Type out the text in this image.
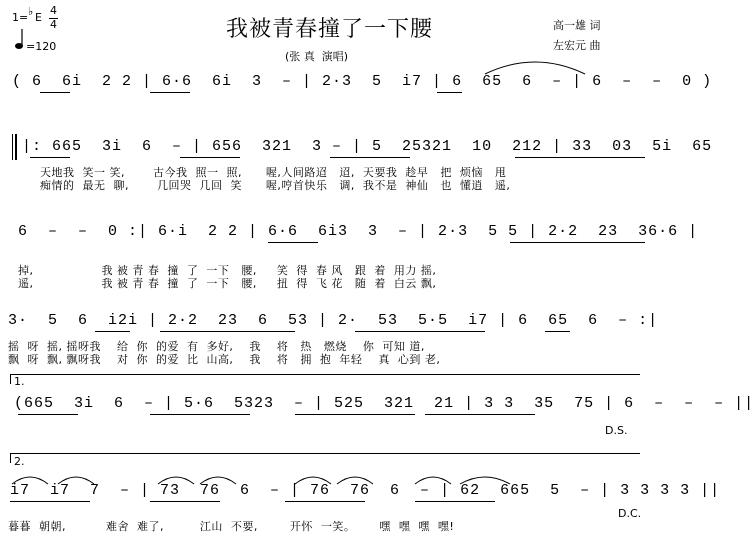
我被青春撞了一下腰
(张 真  演唱)
高一雄 词
左宏元 曲
1= ♭ E
4
4
=120
( 6  6i  2 2 | 6·6  6i  3  – | 2·3  5  i7 | 6  65  6  – | 6  –  –  0 )
|: 665  3i  6  – | 656  321  3 – | 5  25321  10  212 | 33  03  5i  65
天地我  笑一 笑,       古今我  照一  照,      喔,人间路迢   迢,  天要我  趁早   把  烦恼   甩
痴情的  最无  聊,       几回哭  几回  笑      喔,哼首快乐   调,  我不是  神仙   也  懂逍   遥,
6  –  –  0 :| 6·i  2 2 | 6·6  6i3  3  – | 2·3  5 5 | 2·2  23  36·6 |
掉,                 我 被 青 春  撞  了  一下   腰,     笑  得  春 风   跟  着  用力 摇,
遥,                 我 被 青 春  撞  了  一下   腰,     扭  得  飞 花   随  着  白云 飘,
3·  5  6  i2i | 2·2  23  6  53 | 2·  53  5·5  i7 | 6  65  6  – :|
摇  呀  摇, 摇呀我    给  你  的爱  有  多好,    我    将   热   燃烧    你  可知 道,
飘  呀  飘, 飘呀我    对  你  的爱  比  山高,    我    将   拥  抱  年轻    真  心到 老,
1.
(665  3i  6  – | 5·6  5323  – | 525  321  21 | 3 3  35  75 | 6  –  –  – ||
D.S.
2.
i7  i7  7  – | 73  76  6  – | 76  76  6  – | 62  665  5  – | 3 3 3 3 ||
暮暮  朝朝,          难舍  难了,         江山  不要,        开怀  一笑。      嘿  嘿  嘿  嘿!
D.C.
